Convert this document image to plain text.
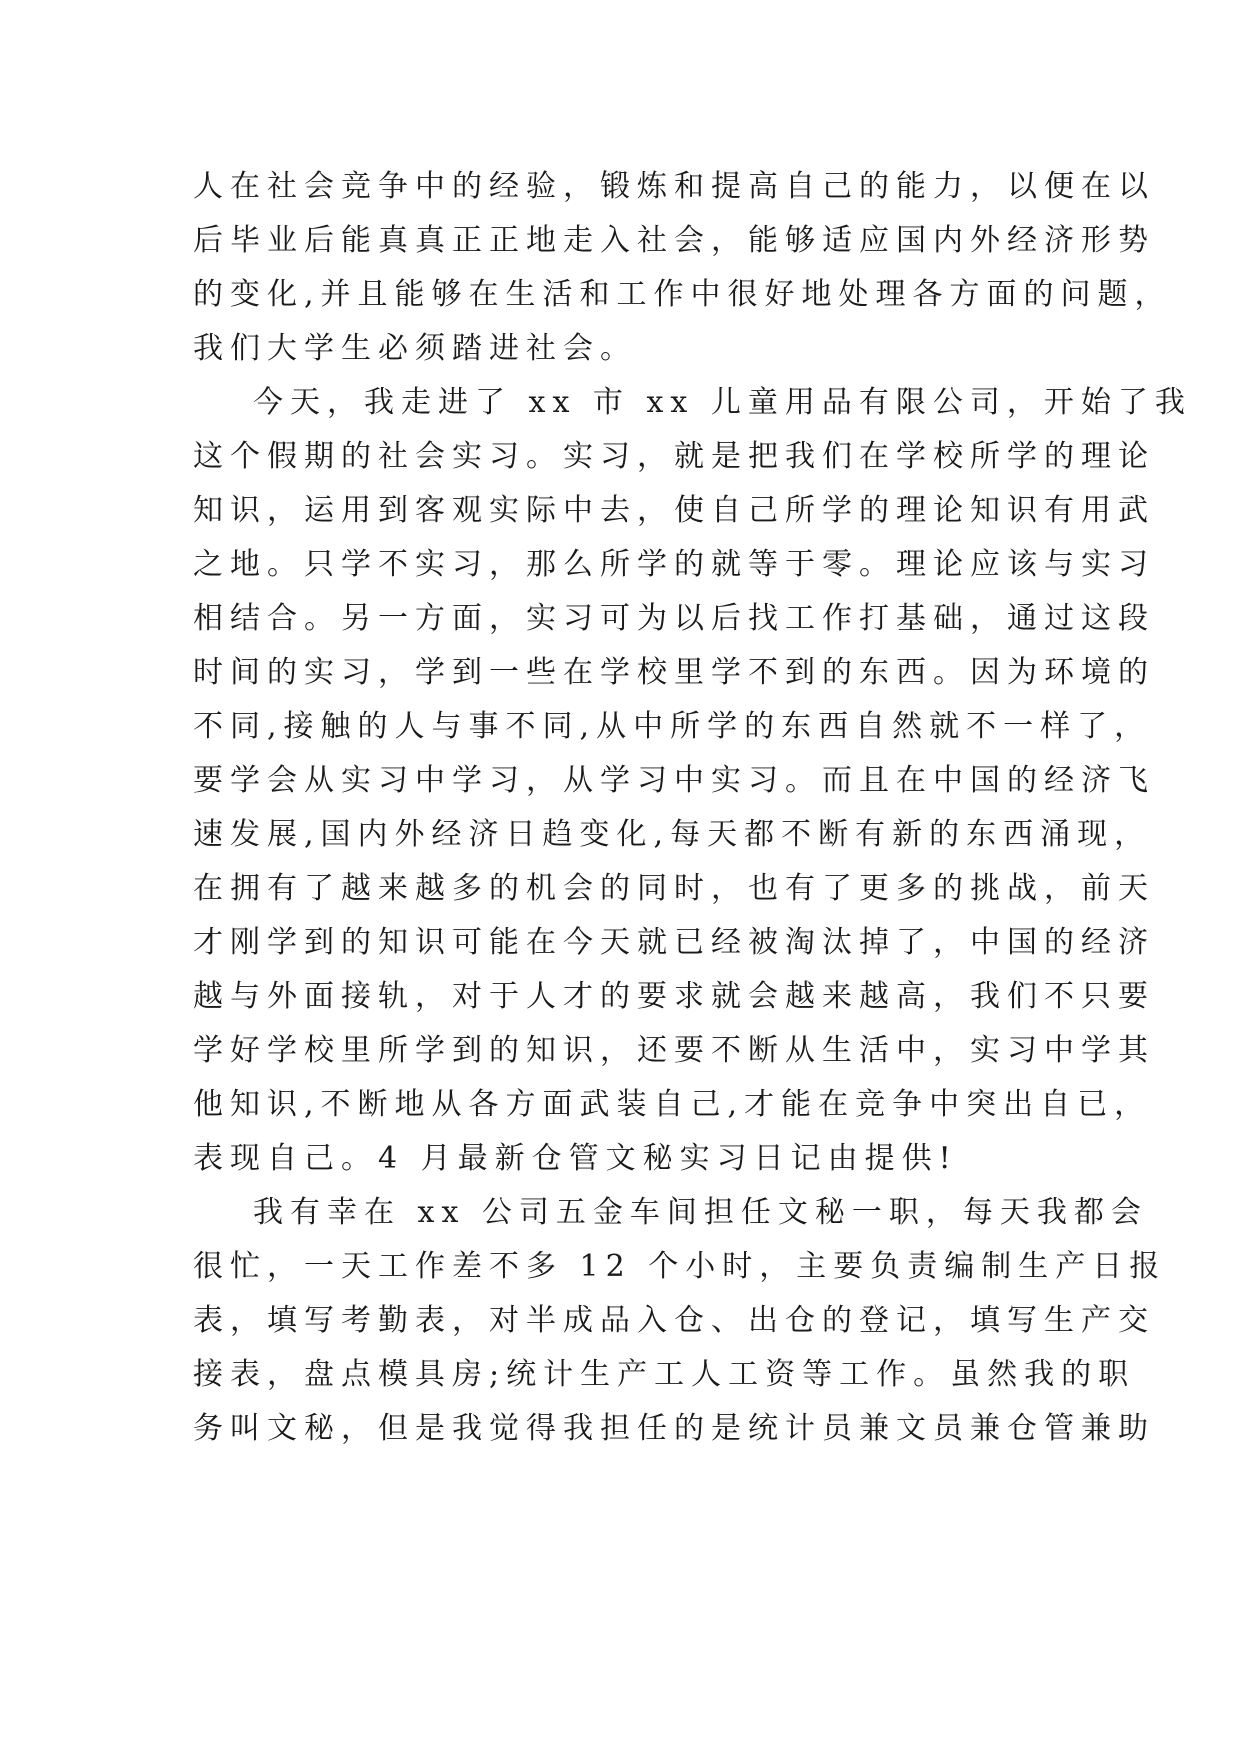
人在社会竞争中的经验，锻炼和提高自己的能力，以便在以
后毕业后能真真正正地走入社会，能够适应国内外经济形势
的变化,并且能够在生活和工作中很好地处理各方面的问题，
我们大学生必须踏进社会。
今天，我走进了 xx 市 xx 儿童用品有限公司，开始了我
这个假期的社会实习。实习，就是把我们在学校所学的理论
知识，运用到客观实际中去，使自己所学的理论知识有用武
之地。只学不实习，那么所学的就等于零。理论应该与实习
相结合。另一方面，实习可为以后找工作打基础，通过这段
时间的实习，学到一些在学校里学不到的东西。因为环境的
不同,接触的人与事不同,从中所学的东西自然就不一样了，
要学会从实习中学习，从学习中实习。而且在中国的经济飞
速发展,国内外经济日趋变化,每天都不断有新的东西涌现，
在拥有了越来越多的机会的同时，也有了更多的挑战，前天
才刚学到的知识可能在今天就已经被淘汰掉了，中国的经济
越与外面接轨，对于人才的要求就会越来越高，我们不只要
学好学校里所学到的知识，还要不断从生活中，实习中学其
他知识,不断地从各方面武装自己,才能在竞争中突出自已，
表现自己。4 月最新仓管文秘实习日记由提供!
我有幸在 xx 公司五金车间担任文秘一职，每天我都会
很忙，一天工作差不多 12 个小时，主要负责编制生产日报
表，填写考勤表，对半成品入仓、出仓的登记，填写生产交
接表，盘点模具房;统计生产工人工资等工作。虽然我的职
务叫文秘，但是我觉得我担任的是统计员兼文员兼仓管兼助
